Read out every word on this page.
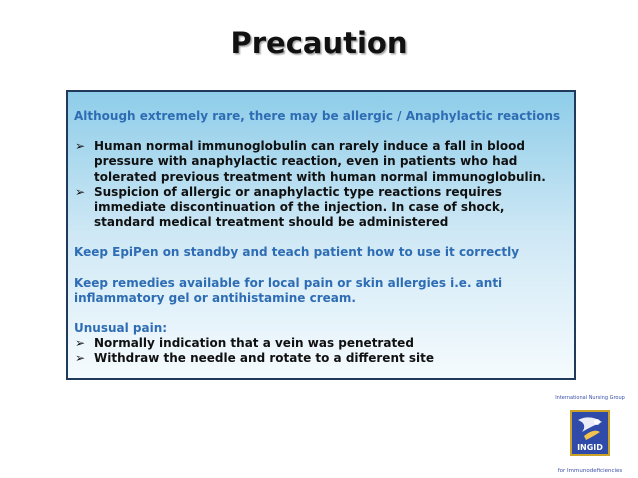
Precaution
Although extremely rare, there may be allergic / Anaphylactic reactions
➢ Human normal immunoglobulin can rarely induce a fall in blood
pressure with anaphylactic reaction, even in patients who had
tolerated previous treatment with human normal immunoglobulin.
➢ Suspicion of allergic or anaphylactic type reactions requires
immediate discontinuation of the injection. In case of shock,
standard medical treatment should be administered
Keep EpiPen on standby and teach patient how to use it correctly
Keep remedies available for local pain or skin allergies i.e. anti
inflammatory gel or antihistamine cream.
Unusual pain:
➢ Normally indication that a vein was penetrated
➢ Withdraw the needle and rotate to a different site
International Nursing Group
INGID
for Immunodeficiencies
